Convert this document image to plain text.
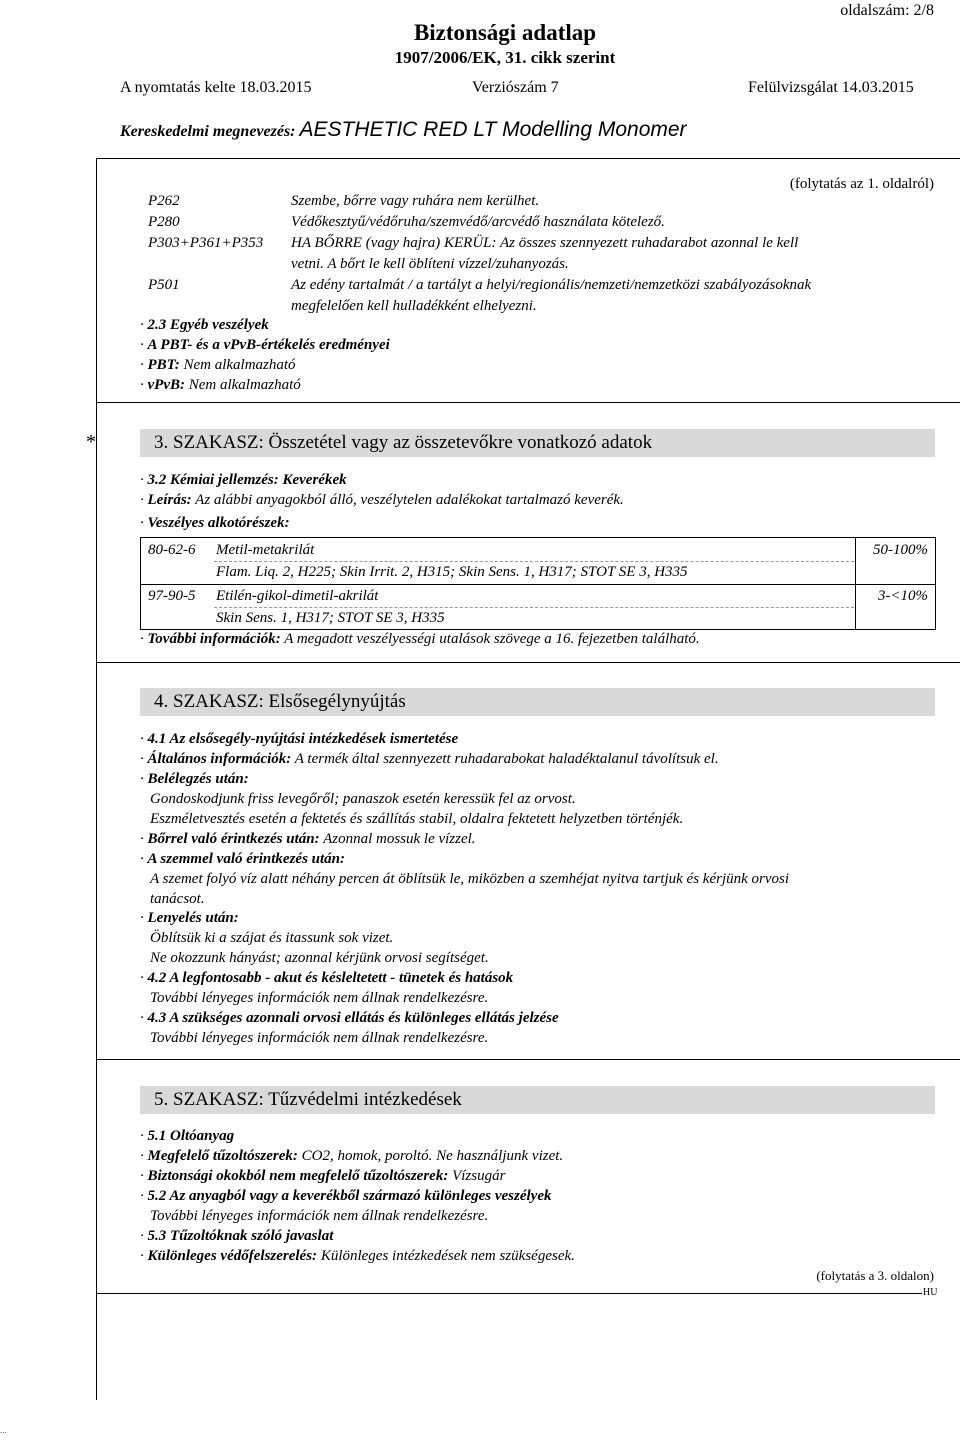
oldalszám: 2/8
Biztonsági adatlap
1907/2006/EK, 31. cikk szerint
A nyomtatás kelte 18.03.2015	Verziószám 7	Felülvizsgálat 14.03.2015
Kereskedelmi megnevezés: AESTHETIC RED LT Modelling Monomer
(folytatás az 1. oldalról)
P262	Szembe, bőrre vagy ruhára nem kerülhet.
P280	Védőkesztyű/védőruha/szemvédő/arcvédő használata kötelező.
P303+P361+P353 HA BŐRRE (vagy hajra) KERÜL: Az összes szennyezett ruhadarabot azonnal le kell
vetni. A bőrt le kell öblíteni vízzel/zuhanyozás.
P501	Az edény tartalmát / a tartályt a helyi/regionális/nemzeti/nemzetközi szabályozásoknak
megfelelően kell hulladékként elhelyezni.
· 2.3 Egyéb veszélyek
· A PBT- és a vPvB-értékelés eredményei
· PBT: Nem alkalmazható
· vPvB: Nem alkalmazható
*	3. SZAKASZ: Összetétel vagy az összetevőkre vonatkozó adatok
· 3.2 Kémiai jellemzés: Keverékek
· Leírás: Az alábbi anyagokból álló, veszélytelen adalékokat tartalmazó keverék.
· Veszélyes alkotórészek:
80-62-6 Metil-metakrilát
Flam. Liq. 2, H225; Skin Irrit. 2, H315; Skin Sens. 1, H317; STOT SE 3, H335
50-100%
97-90-5 Etilén-gikol-dimetil-akrilát
Skin Sens. 1, H317; STOT SE 3, H335
3-<10%
· További információk: A megadott veszélyességi utalások szövege a 16. fejezetben található.
4. SZAKASZ: Elsősegélynyújtás
· 4.1 Az elsősegély-nyújtási intézkedések ismertetése
· Általános információk: A termék által szennyezett ruhadarabokat haladéktalanul távolítsuk el.
· Belélegzés után:
Gondoskodjunk friss levegőről; panaszok esetén keressük fel az orvost.
Eszméletvesztés esetén a fektetés és szállítás stabil, oldalra fektetett helyzetben történjék.
· Bőrrel való érintkezés után: Azonnal mossuk le vízzel.
· A szemmel való érintkezés után:
A szemet folyó víz alatt néhány percen át öblítsük le, miközben a szemhéjat nyitva tartjuk és kérjünk orvosi
tanácsot.
· Lenyelés után:
Öblítsük ki a szájat és itassunk sok vizet.
Ne okozzunk hányást; azonnal kérjünk orvosi segítséget.
· 4.2 A legfontosabb - akut és késleltetett - tünetek és hatások
További lényeges információk nem állnak rendelkezésre.
· 4.3 A szükséges azonnali orvosi ellátás és különleges ellátás jelzése
További lényeges információk nem állnak rendelkezésre.
5. SZAKASZ: Tűzvédelmi intézkedések
· 5.1 Oltóanyag
· Megfelelő tűzoltószerek: CO2, homok, poroltó. Ne használjunk vizet.
· Biztonsági okokból nem megfelelő tűzoltószerek: Vízsugár
· 5.2 Az anyagból vagy a keverékből származó különleges veszélyek
További lényeges információk nem állnak rendelkezésre.
· 5.3 Tűzoltóknak szóló javaslat
· Különleges védőfelszerelés: Különleges intézkedések nem szükségesek.
(folytatás a 3. oldalon)
HU
...
